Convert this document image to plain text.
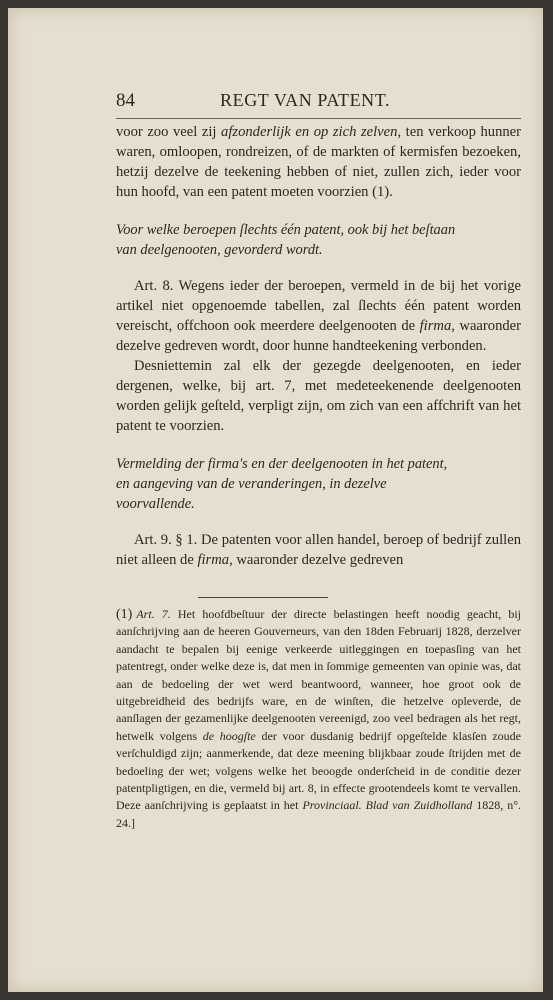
84	REGT VAN PATENT.

voor zoo veel zij afzonderlijk en op zich zelven, ten verkoop hunner waren, omloopen, rondreizen, of de markten of kermisfen bezoeken, hetzij dezelve de teekening hebben of niet, zullen zich, ieder voor hun hoofd, van een patent moeten voorzien (1).

Voor welke beroepen ſlechts één patent, ook bij het beſtaan
van deelgenooten, gevorderd wordt.

Art. 8. Wegens ieder der beroepen, vermeld in de bij het vorige artikel niet opgenoemde tabellen, zal ſlechts één patent worden vereischt, offchoon ook meerdere deelgenooten de firma, waaronder dezelve gedreven wordt, door hunne handteekening verbonden.

Desniettemin zal elk der gezegde deelgenooten, en ieder dergenen, welke, bij art. 7, met medeteekenende deelgenooten worden gelijk geſteld, verpligt zijn, om zich van een affchrift van het patent te voorzien.

Vermelding der firma's en der deelgenooten in het patent,
en aangeving van de veranderingen, in dezelve
voorvallende.

Art. 9. § 1. De patenten voor allen handel, beroep of bedrijf zullen niet alleen de firma, waaronder dezelve gedreven

(1) Art. 7. Het hoofdbeſtuur der directe belastingen heeft noodig geacht, bij aanſchrijving aan de heeren Gouverneurs, van den 18den Februarij 1828, derzelver aandacht te bepalen bij eenige verkeerde uitleggingen en toepasſing van het patentregt, onder welke deze is, dat men in ſommige gemeenten van opinie was, dat aan de bedoeling der wet werd beantwoord, wanneer, hoe groot ook de uitgebreidheid des bedrijfs ware, en de winſten, die hetzelve opleverde, de aanſlagen der gezamenlijke deelgenooten vereenigd, zoo veel bedragen als het regt, hetwelk volgens de hoogſte der voor dusdanig bedrijf opgeſtelde klasſen zoude verſchuldigd zijn; aanmerkende, dat deze meening blijkbaar zoude ſtrijden met de bedoeling der wet; volgens welke het beoogde onderſcheid in de conditie dezer patentpligtigen, en die, vermeld bij art. 8, in effecte grootendeels komt te vervallen. Deze aanſchrijving is geplaatst in het Provinciaal. Blad van Zuidholland 1828, n°. 24.]
